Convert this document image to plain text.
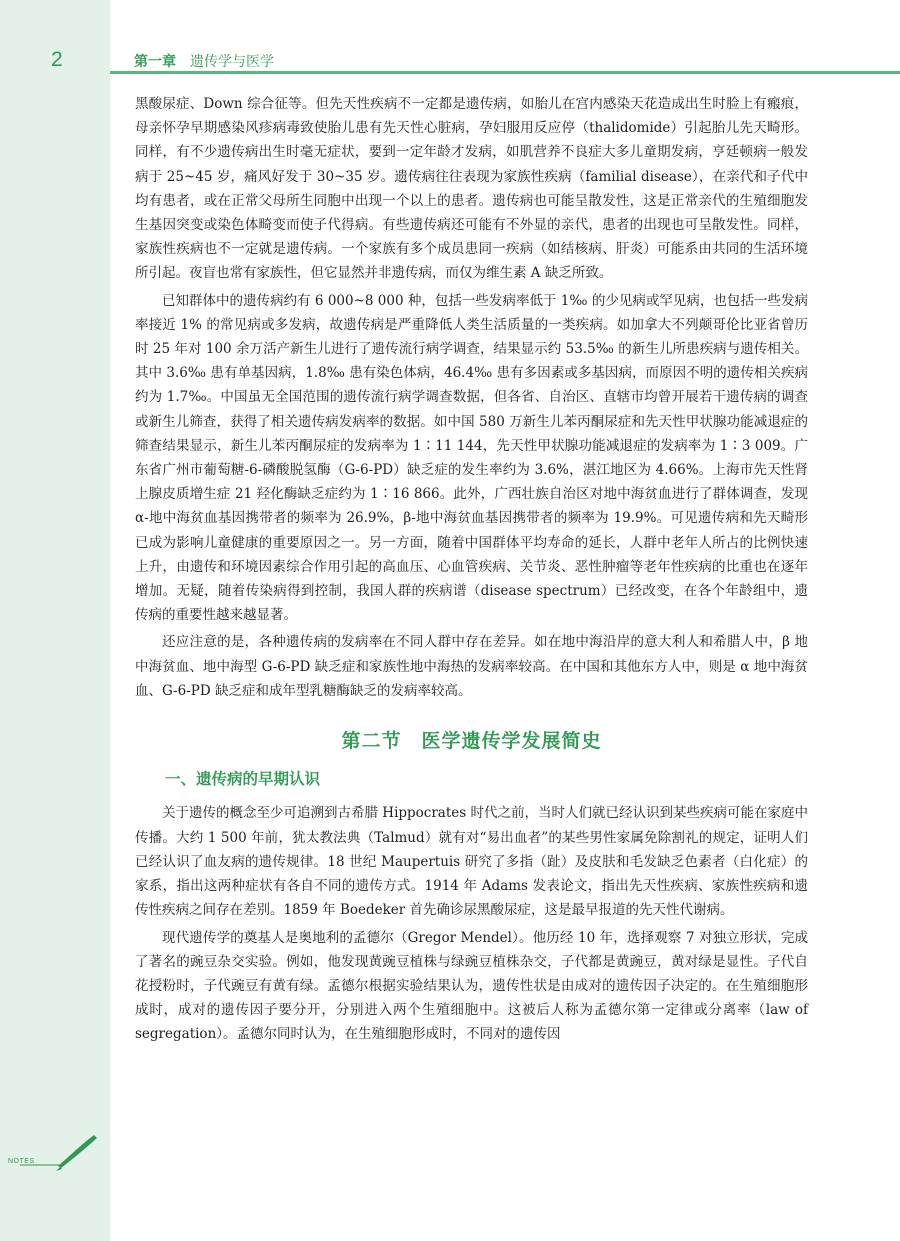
2	第一章 遗传学与医学

黑酸尿症、Down 综合征等。但先天性疾病不一定都是遗传病，如胎儿在宫内感染天花造成出生时脸上有瘢痕，母亲怀孕早期感染风疹病毒致使胎儿患有先天性心脏病，孕妇服用反应停（thalidomide）引起胎儿先天畸形。同样，有不少遗传病出生时毫无症状，要到一定年龄才发病，如肌营养不良症大多儿童期发病，亨廷顿病一般发病于 25~45 岁，痛风好发于 30~35 岁。遗传病往往表现为家族性疾病（familial disease），在亲代和子代中均有患者，或在正常父母所生同胞中出现一个以上的患者。遗传病也可能呈散发性，这是正常亲代的生殖细胞发生基因突变或染色体畸变而使子代得病。有些遗传病还可能有不外显的亲代，患者的出现也可呈散发性。同样，家族性疾病也不一定就是遗传病。一个家族有多个成员患同一疾病（如结核病、肝炎）可能系由共同的生活环境所引起。夜盲也常有家族性，但它显然并非遗传病，而仅为维生素 A 缺乏所致。

已知群体中的遗传病约有 6 000~8 000 种，包括一些发病率低于 1‰ 的少见病或罕见病，也包括一些发病率接近 1% 的常见病或多发病，故遗传病是严重降低人类生活质量的一类疾病。如加拿大不列颠哥伦比亚省曾历时 25 年对 100 余万活产新生儿进行了遗传流行病学调查，结果显示约 53.5‰ 的新生儿所患疾病与遗传相关。其中 3.6‰ 患有单基因病，1.8‰ 患有染色体病，46.4‰ 患有多因素或多基因病，而原因不明的遗传相关疾病约为 1.7‰。中国虽无全国范围的遗传流行病学调查数据，但各省、自治区、直辖市均曾开展若干遗传病的调查或新生儿筛查，获得了相关遗传病发病率的数据。如中国 580 万新生儿苯丙酮尿症和先天性甲状腺功能减退症的筛查结果显示，新生儿苯丙酮尿症的发病率为 1∶11 144，先天性甲状腺功能减退症的发病率为 1∶3 009。广东省广州市葡萄糖-6-磷酸脱氢酶（G-6-PD）缺乏症的发生率约为 3.6%，湛江地区为 4.66%。上海市先天性肾上腺皮质增生症 21 羟化酶缺乏症约为 1∶16 866。此外，广西壮族自治区对地中海贫血进行了群体调查，发现 α-地中海贫血基因携带者的频率为 26.9%，β-地中海贫血基因携带者的频率为 19.9%。可见遗传病和先天畸形已成为影响儿童健康的重要原因之一。另一方面，随着中国群体平均寿命的延长，人群中老年人所占的比例快速上升，由遗传和环境因素综合作用引起的高血压、心血管疾病、关节炎、恶性肿瘤等老年性疾病的比重也在逐年增加。无疑，随着传染病得到控制，我国人群的疾病谱（disease spectrum）已经改变，在各个年龄组中，遗传病的重要性越来越显著。

还应注意的是，各种遗传病的发病率在不同人群中存在差异。如在地中海沿岸的意大利人和希腊人中，β 地中海贫血、地中海型 G-6-PD 缺乏症和家族性地中海热的发病率较高。在中国和其他东方人中，则是 α 地中海贫血、G-6-PD 缺乏症和成年型乳糖酶缺乏的发病率较高。

第二节　医学遗传学发展简史
一、遗传病的早期认识

关于遗传的概念至少可追溯到古希腊 Hippocrates 时代之前，当时人们就已经认识到某些疾病可能在家庭中传播。大约 1 500 年前，犹太教法典（Talmud）就有对“易出血者”的某些男性家属免除割礼的规定，证明人们已经认识了血友病的遗传规律。18 世纪 Maupertuis 研究了多指（趾）及皮肤和毛发缺乏色素者（白化症）的家系，指出这两种症状有各自不同的遗传方式。1914 年 Adams 发表论文，指出先天性疾病、家族性疾病和遗传性疾病之间存在差别。1859 年 Boedeker 首先确诊尿黑酸尿症，这是最早报道的先天性代谢病。

现代遗传学的奠基人是奥地利的孟德尔（Gregor Mendel）。他历经 10 年，选择观察 7 对独立形状，完成了著名的豌豆杂交实验。例如，他发现黄豌豆植株与绿豌豆植株杂交，子代都是黄豌豆，黄对绿是显性。子代自花授粉时，子代豌豆有黄有绿。孟德尔根据实验结果认为，遗传性状是由成对的遗传因子决定的。在生殖细胞形成时，成对的遗传因子要分开，分别进入两个生殖细胞中。这被后人称为孟德尔第一定律或分离率（law of segregation）。孟德尔同时认为，在生殖细胞形成时，不同对的遗传因

NOTES
